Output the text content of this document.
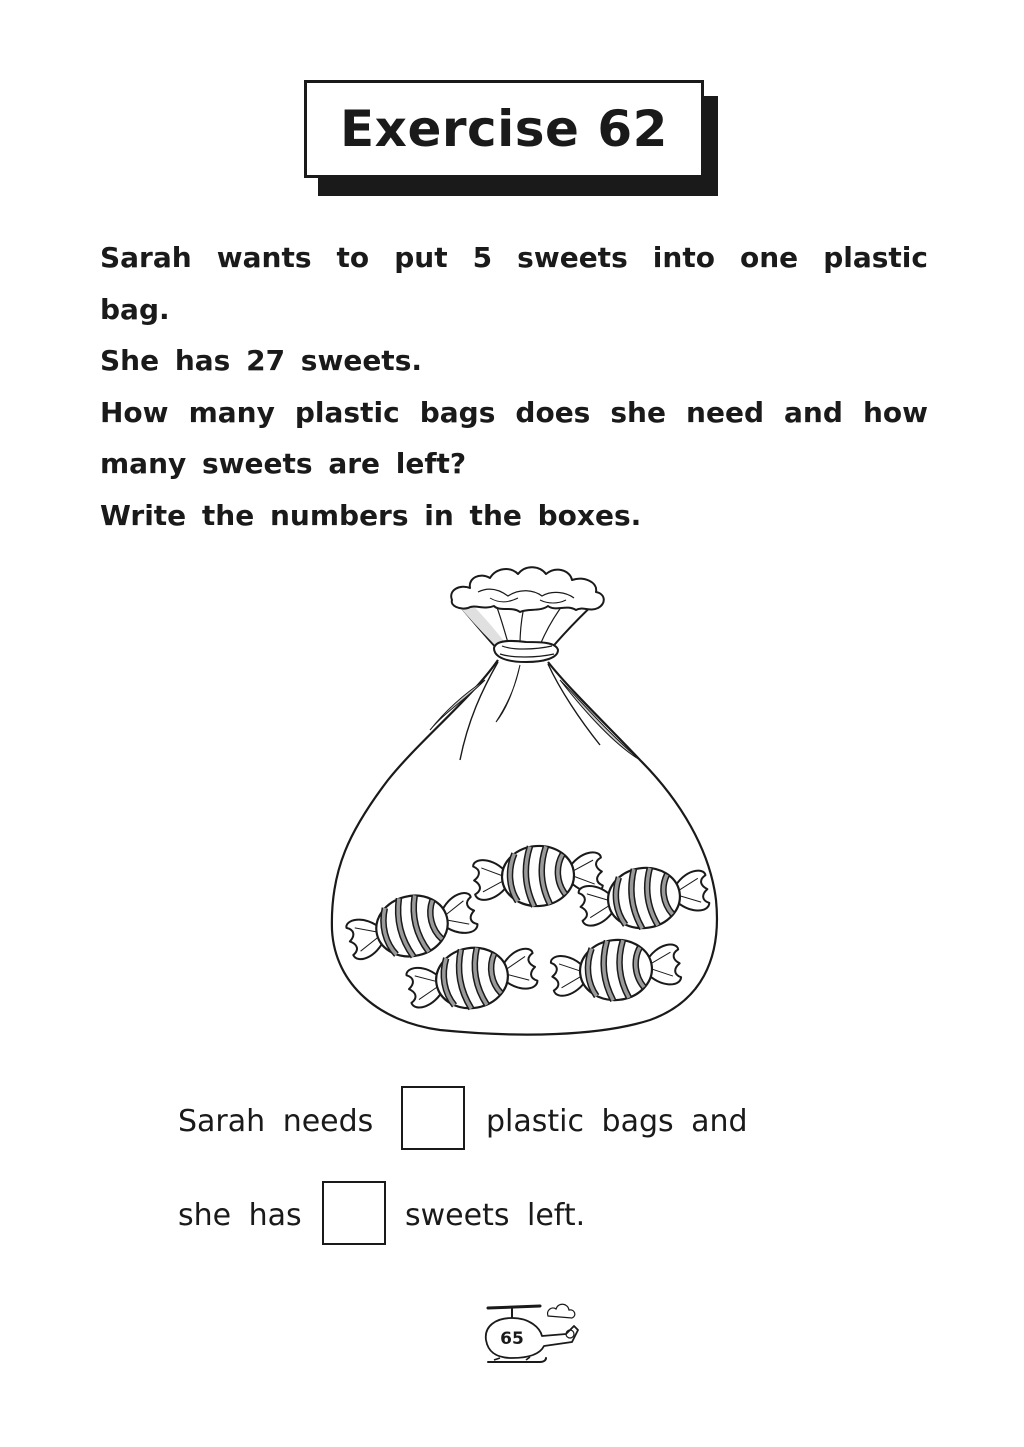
Exercise 62
Sarah wants to put 5 sweets into one plastic bag.
She has 27 sweets.
How many plastic bags does she need and how
many sweets are left?
Write the numbers in the boxes.
Sarah needs	plastic bags and
she has	sweets left.
65
